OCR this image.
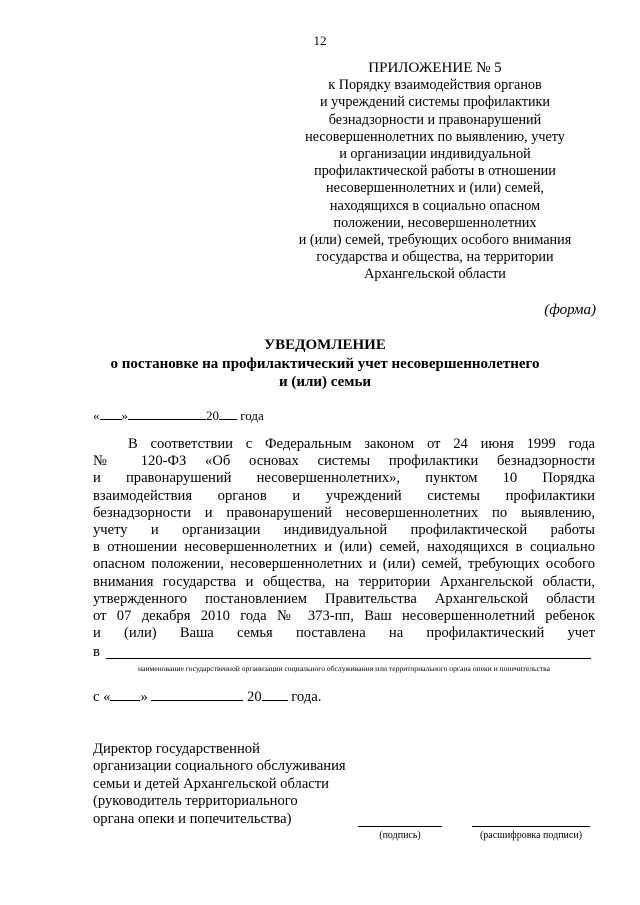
12
ПРИЛОЖЕНИЕ № 5
к Порядку взаимодействия органов
и учреждений системы профилактики
безнадзорности и правонарушений
несовершеннолетних по выявлению, учету
и организации индивидуальной
профилактической работы в отношении
несовершеннолетних и (или) семей,
находящихся в социально опасном
положении, несовершеннолетних
и (или) семей, требующих особого внимания
государства и общества, на территории
Архангельской области
(форма)
УВЕДОМЛЕНИЕ
о постановке на профилактический учет несовершеннолетнего
и (или) семьи
« »	20 года
В соответствии с Федеральным законом от 24 июня 1999 года
№ 120-ФЗ «Об основах системы профилактики безнадзорности
и правонарушений несовершеннолетних», пунктом 10 Порядка
взаимодействия органов и учреждений системы профилактики
безнадзорности и правонарушений несовершеннолетних по выявлению,
учету и организации индивидуальной профилактической работы
в отношении несовершеннолетних и (или) семей, находящихся в социально
опасном положении, несовершеннолетних и (или) семей, требующих особого
внимания государства и общества, на территории Архангельской области,
утвержденного постановлением Правительства Архангельской области
от 07 декабря 2010 года № 373-пп, Ваш несовершеннолетний ребенок
и (или) Ваша семья поставлена на профилактический учет
в
наименование государственной организации социального обслуживания или территориального органа опеки и попечительства
с « »	20 года.
Директор государственной
организации социального обслуживания
семьи и детей Архангельской области
(руководитель территориального
органа опеки и попечительства)
(подпись)	(расшифровка подписи)
